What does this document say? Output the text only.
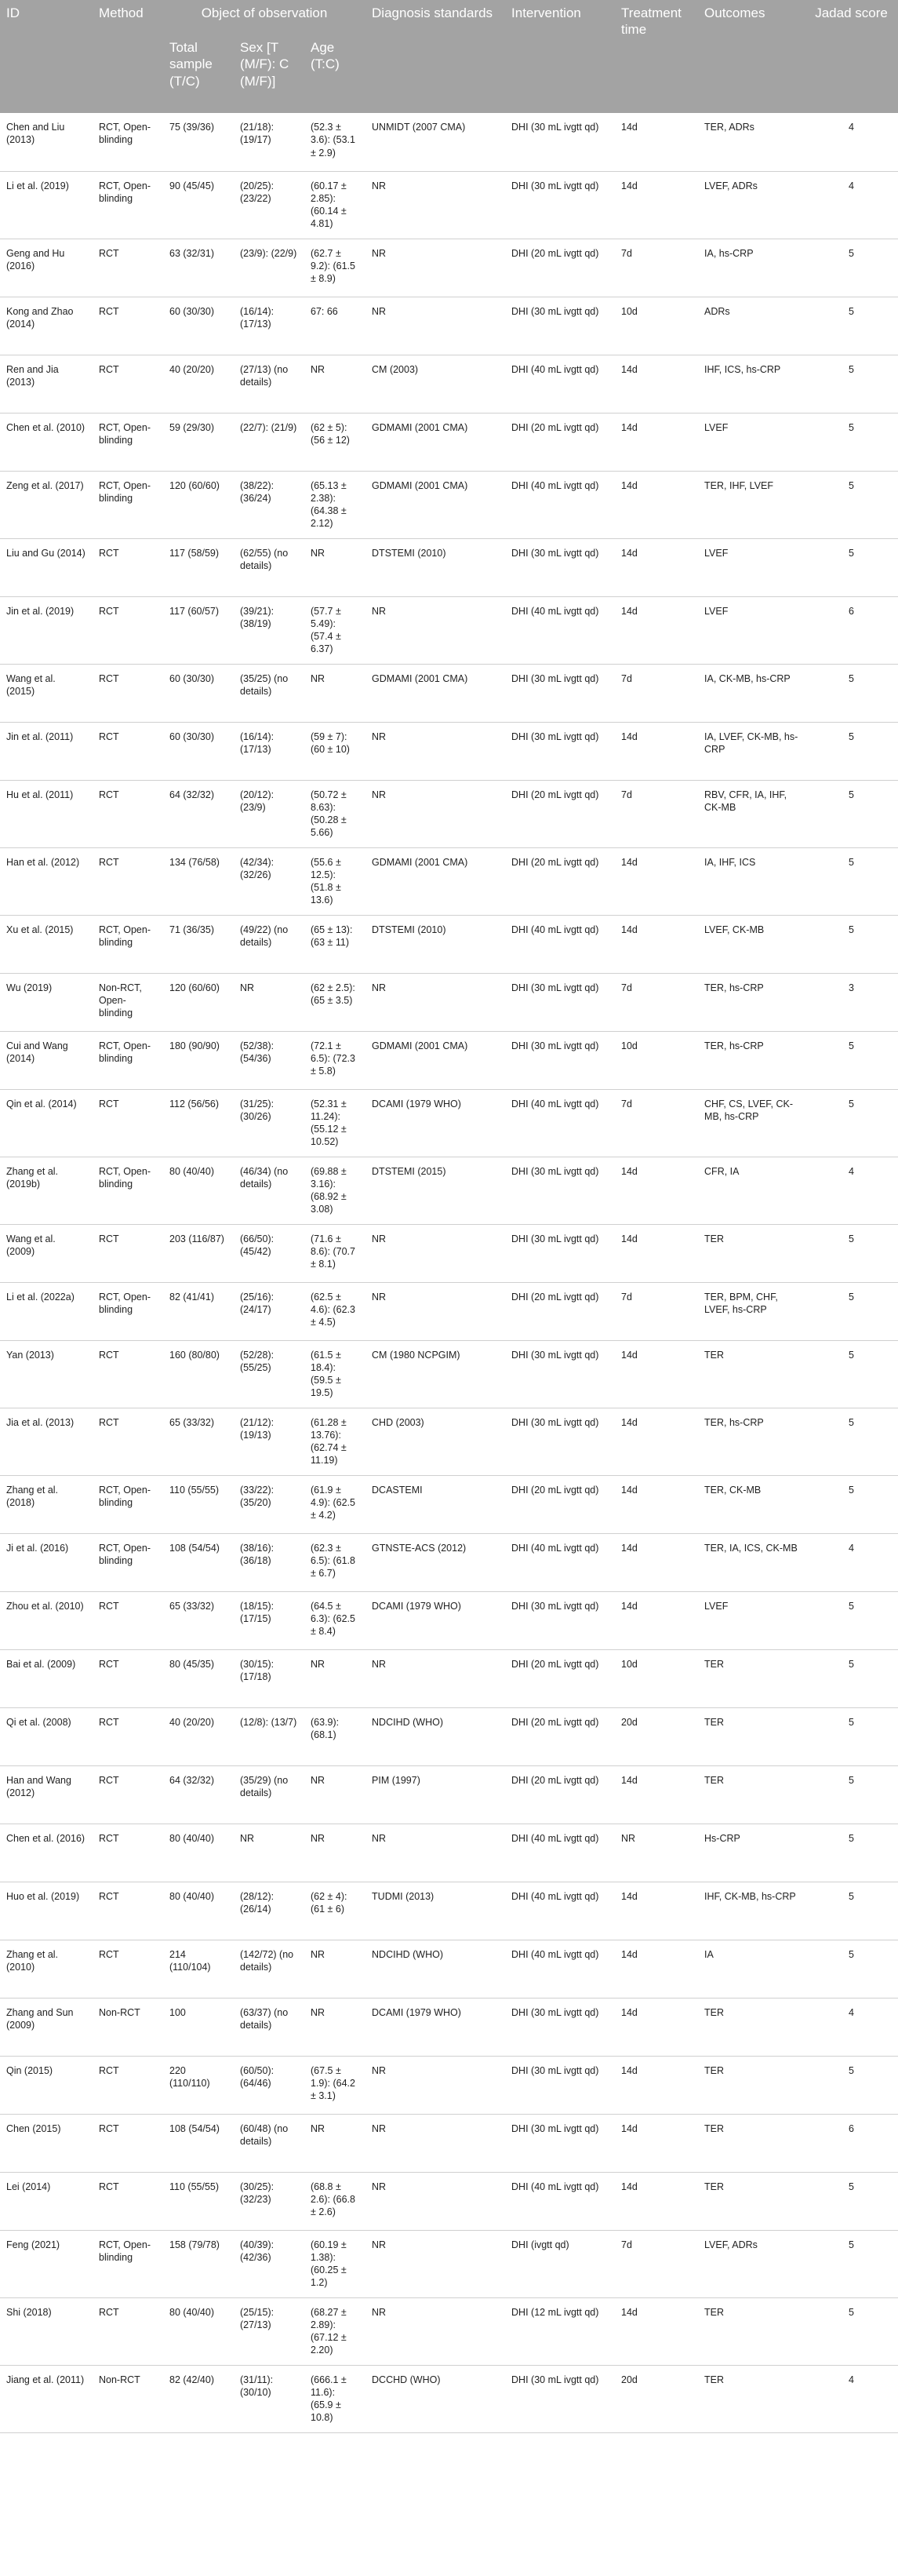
ID	Method	Object of observation			Diagnosis standards	Intervention	Treatment time	Outcomes	Jadad score
		Total sample (T/C)	Sex [T (M/F): C (M/F)]	Age (T:C)					
Chen and Liu (2013)	RCT, Open-blinding	75 (39/36)	(21/18): (19/17)	(52.3 ± 3.6): (53.1 ± 2.9)	UNMIDT (2007 CMA)	DHI (30 mL ivgtt qd)	14d	TER, ADRs	4
Li et al. (2019)	RCT, Open-blinding	90 (45/45)	(20/25): (23/22)	(60.17 ± 2.85): (60.14 ± 4.81)	NR	DHI (30 mL ivgtt qd)	14d	LVEF, ADRs	4
Geng and Hu (2016)	RCT	63 (32/31)	(23/9): (22/9)	(62.7 ± 9.2): (61.5 ± 8.9)	NR	DHI (20 mL ivgtt qd)	7d	IA, hs-CRP	5
Kong and Zhao (2014)	RCT	60 (30/30)	(16/14): (17/13)	67: 66	NR	DHI (30 mL ivgtt qd)	10d	ADRs	5
Ren and Jia (2013)	RCT	40 (20/20)	(27/13) (no details)	NR	CM (2003)	DHI (40 mL ivgtt qd)	14d	IHF, ICS, hs-CRP	5
Chen et al. (2010)	RCT, Open-blinding	59 (29/30)	(22/7): (21/9)	(62 ± 5): (56 ± 12)	GDMAMI (2001 CMA)	DHI (20 mL ivgtt qd)	14d	LVEF	5
Zeng et al. (2017)	RCT, Open-blinding	120 (60/60)	(38/22): (36/24)	(65.13 ± 2.38): (64.38 ± 2.12)	GDMAMI (2001 CMA)	DHI (40 mL ivgtt qd)	14d	TER, IHF, LVEF	5
Liu and Gu (2014)	RCT	117 (58/59)	(62/55) (no details)	NR	DTSTEMI (2010)	DHI (30 mL ivgtt qd)	14d	LVEF	5
Jin et al. (2019)	RCT	117 (60/57)	(39/21): (38/19)	(57.7 ± 5.49): (57.4 ± 6.37)	NR	DHI (40 mL ivgtt qd)	14d	LVEF	6
Wang et al. (2015)	RCT	60 (30/30)	(35/25) (no details)	NR	GDMAMI (2001 CMA)	DHI (30 mL ivgtt qd)	7d	IA, CK-MB, hs-CRP	5
Jin et al. (2011)	RCT	60 (30/30)	(16/14): (17/13)	(59 ± 7): (60 ± 10)	NR	DHI (30 mL ivgtt qd)	14d	IA, LVEF, CK-MB, hs-CRP	5
Hu et al. (2011)	RCT	64 (32/32)	(20/12): (23/9)	(50.72 ± 8.63): (50.28 ± 5.66)	NR	DHI (20 mL ivgtt qd)	7d	RBV, CFR, IA, IHF, CK-MB	5
Han et al. (2012)	RCT	134 (76/58)	(42/34): (32/26)	(55.6 ± 12.5): (51.8 ± 13.6)	GDMAMI (2001 CMA)	DHI (20 mL ivgtt qd)	14d	IA, IHF, ICS	5
Xu et al. (2015)	RCT, Open-blinding	71 (36/35)	(49/22) (no details)	(65 ± 13): (63 ± 11)	DTSTEMI (2010)	DHI (40 mL ivgtt qd)	14d	LVEF, CK-MB	5
Wu (2019)	Non-RCT, Open-blinding	120 (60/60)	NR	(62 ± 2.5): (65 ± 3.5)	NR	DHI (30 mL ivgtt qd)	7d	TER, hs-CRP	3
Cui and Wang (2014)	RCT, Open-blinding	180 (90/90)	(52/38): (54/36)	(72.1 ± 6.5): (72.3 ± 5.8)	GDMAMI (2001 CMA)	DHI (30 mL ivgtt qd)	10d	TER, hs-CRP	5
Qin et al. (2014)	RCT	112 (56/56)	(31/25): (30/26)	(52.31 ± 11.24): (55.12 ± 10.52)	DCAMI (1979 WHO)	DHI (40 mL ivgtt qd)	7d	CHF, CS, LVEF, CK-MB, hs-CRP	5
Zhang et al. (2019b)	RCT, Open-blinding	80 (40/40)	(46/34) (no details)	(69.88 ± 3.16): (68.92 ± 3.08)	DTSTEMI (2015)	DHI (30 mL ivgtt qd)	14d	CFR, IA	4
Wang et al. (2009)	RCT	203 (116/87)	(66/50): (45/42)	(71.6 ± 8.6): (70.7 ± 8.1)	NR	DHI (30 mL ivgtt qd)	14d	TER	5
Li et al. (2022a)	RCT, Open-blinding	82 (41/41)	(25/16): (24/17)	(62.5 ± 4.6): (62.3 ± 4.5)	NR	DHI (20 mL ivgtt qd)	7d	TER, BPM, CHF, LVEF, hs-CRP	5
Yan (2013)	RCT	160 (80/80)	(52/28): (55/25)	(61.5 ± 18.4): (59.5 ± 19.5)	CM (1980 NCPGIM)	DHI (30 mL ivgtt qd)	14d	TER	5
Jia et al. (2013)	RCT	65 (33/32)	(21/12): (19/13)	(61.28 ± 13.76): (62.74 ± 11.19)	CHD (2003)	DHI (30 mL ivgtt qd)	14d	TER, hs-CRP	5
Zhang et al. (2018)	RCT, Open-blinding	110 (55/55)	(33/22): (35/20)	(61.9 ± 4.9): (62.5 ± 4.2)	DCASTEMI	DHI (20 mL ivgtt qd)	14d	TER, CK-MB	5
Ji et al. (2016)	RCT, Open-blinding	108 (54/54)	(38/16): (36/18)	(62.3 ± 6.5): (61.8 ± 6.7)	GTNSTE-ACS (2012)	DHI (40 mL ivgtt qd)	14d	TER, IA, ICS, CK-MB	4
Zhou et al. (2010)	RCT	65 (33/32)	(18/15): (17/15)	(64.5 ± 6.3): (62.5 ± 8.4)	DCAMI (1979 WHO)	DHI (30 mL ivgtt qd)	14d	LVEF	5
Bai et al. (2009)	RCT	80 (45/35)	(30/15): (17/18)	NR	NR	DHI (20 mL ivgtt qd)	10d	TER	5
Qi et al. (2008)	RCT	40 (20/20)	(12/8): (13/7)	(63.9): (68.1)	NDCIHD (WHO)	DHI (20 mL ivgtt qd)	20d	TER	5
Han and Wang (2012)	RCT	64 (32/32)	(35/29) (no details)	NR	PIM (1997)	DHI (20 mL ivgtt qd)	14d	TER	5
Chen et al. (2016)	RCT	80 (40/40)	NR	NR	NR	DHI (40 mL ivgtt qd)	NR	Hs-CRP	5
Huo et al. (2019)	RCT	80 (40/40)	(28/12): (26/14)	(62 ± 4): (61 ± 6)	TUDMI (2013)	DHI (40 mL ivgtt qd)	14d	IHF, CK-MB, hs-CRP	5
Zhang et al. (2010)	RCT	214 (110/104)	(142/72) (no details)	NR	NDCIHD (WHO)	DHI (40 mL ivgtt qd)	14d	IA	5
Zhang and Sun (2009)	Non-RCT	100	(63/37) (no details)	NR	DCAMI (1979 WHO)	DHI (30 mL ivgtt qd)	14d	TER	4
Qin (2015)	RCT	220 (110/110)	(60/50): (64/46)	(67.5 ± 1.9): (64.2 ± 3.1)	NR	DHI (30 mL ivgtt qd)	14d	TER	5
Chen (2015)	RCT	108 (54/54)	(60/48) (no details)	NR	NR	DHI (30 mL ivgtt qd)	14d	TER	6
Lei (2014)	RCT	110 (55/55)	(30/25): (32/23)	(68.8 ± 2.6): (66.8 ± 2.6)	NR	DHI (40 mL ivgtt qd)	14d	TER	5
Feng (2021)	RCT, Open-blinding	158 (79/78)	(40/39): (42/36)	(60.19 ± 1.38): (60.25 ± 1.2)	NR	DHI (ivgtt qd)	7d	LVEF, ADRs	5
Shi (2018)	RCT	80 (40/40)	(25/15): (27/13)	(68.27 ± 2.89): (67.12 ± 2.20)	NR	DHI (12 mL ivgtt qd)	14d	TER	5
Jiang et al. (2011)	Non-RCT	82 (42/40)	(31/11): (30/10)	(666.1 ± 11.6): (65.9 ± 10.8)	DCCHD (WHO)	DHI (30 mL ivgtt qd)	20d	TER	4
